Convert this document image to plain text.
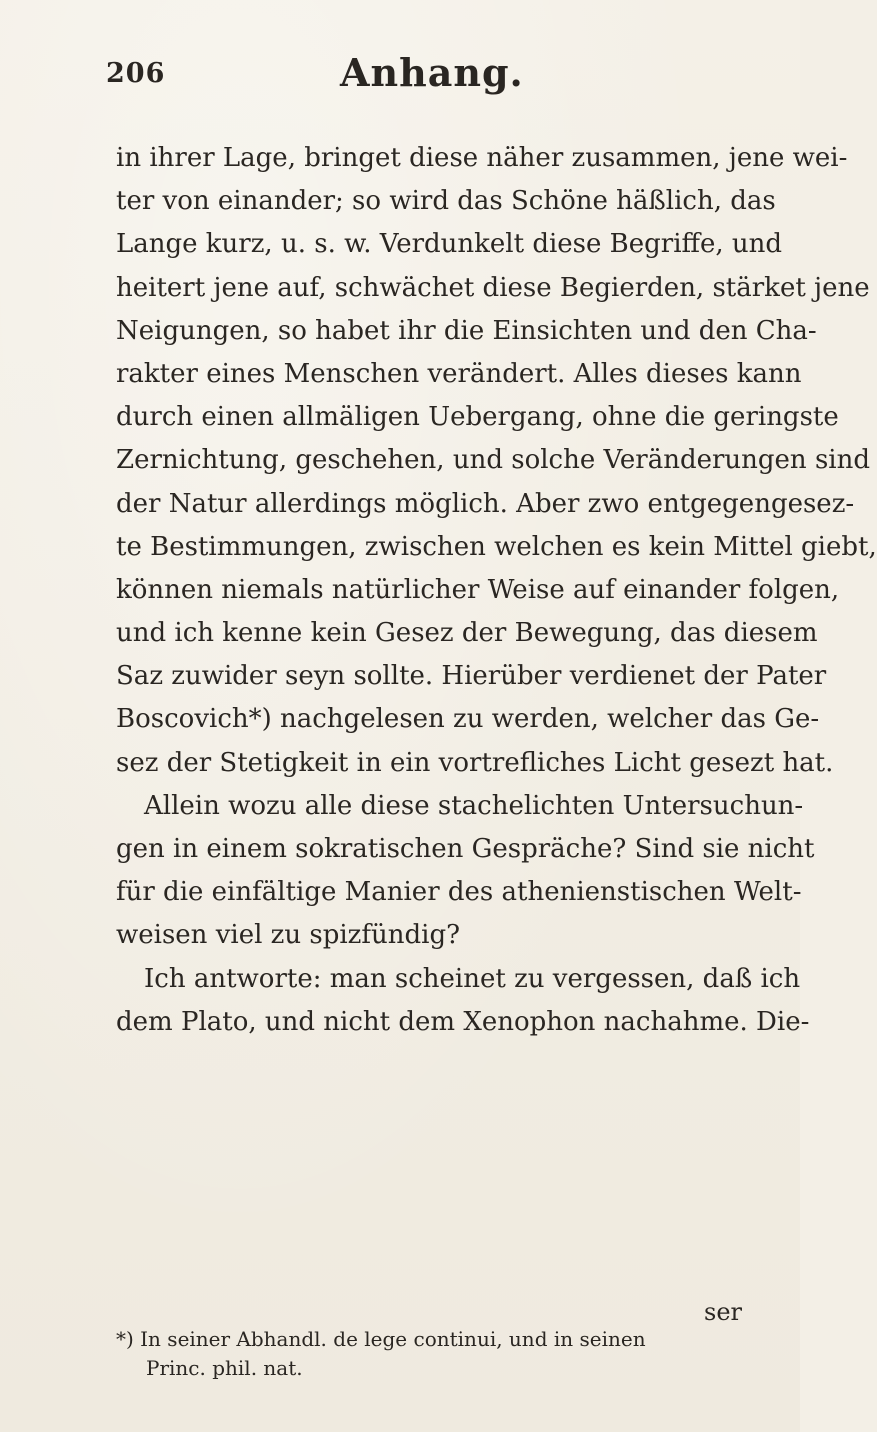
206	Anhang.
in ihrer Lage, bringet diese näher zusammen, jene wei‑
ter von einander; so wird das Schöne häßlich, das
Lange kurz, u. s. w. Verdunkelt diese Begriffe, und
heitert jene auf, schwächet diese Begierden, stärket jene
Neigungen, so habet ihr die Einsichten und den Cha‑
rakter eines Menschen verändert. Alles dieses kann
durch einen allmäligen Uebergang, ohne die geringste
Zernichtung, geschehen, und solche Veränderungen sind
der Natur allerdings möglich. Aber zwo entgegengesez‑
te Bestimmungen, zwischen welchen es kein Mittel giebt,
können niemals natürlicher Weise auf einander folgen,
und ich kenne kein Gesez der Bewegung, das diesem
Saz zuwider seyn sollte. Hierüber verdienet der Pater
Boscovich*) nachgelesen zu werden, welcher das Ge‑
sez der Stetigkeit in ein vortrefliches Licht gesezt hat.
Allein wozu alle diese stachelichten Untersuchun‑
gen in einem sokratischen Gespräche? Sind sie nicht
für die einfältige Manier des athenienstischen Welt‑
weisen viel zu spizfündig?
Ich antworte: man scheinet zu vergessen, daß ich
dem Plato, und nicht dem Xenophon nachahme. Die‑
ser
*) In seiner Abhandl. de lege continui, und in seinen
Princ. phil. nat.
